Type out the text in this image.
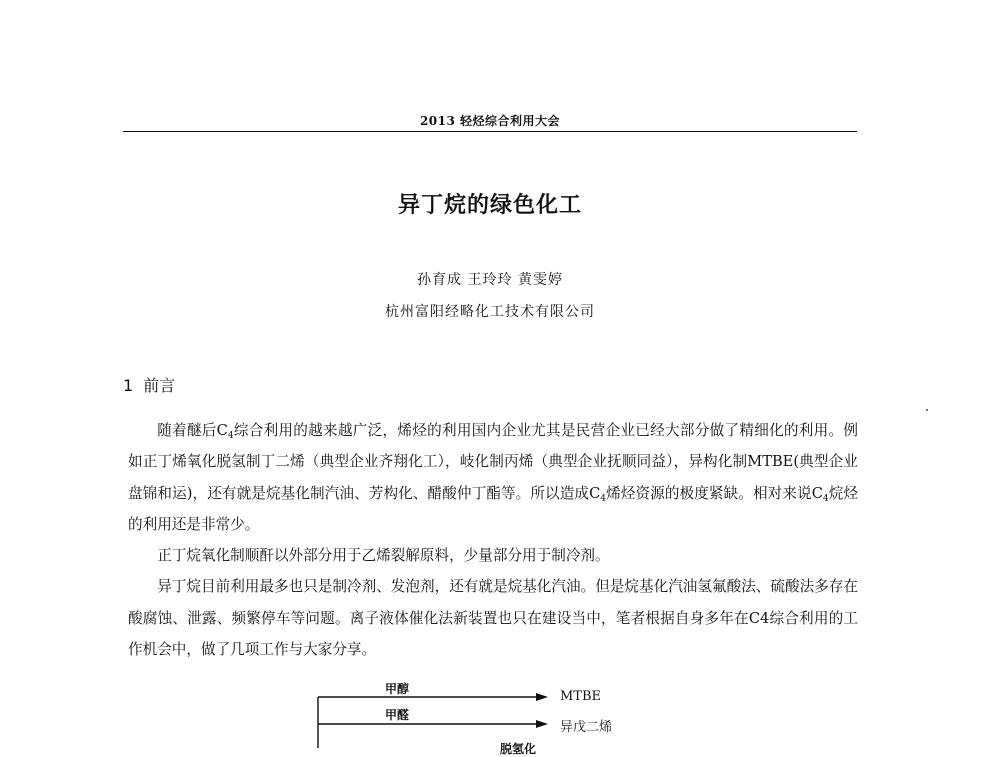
2013 轻烃综合利用大会
异丁烷的绿色化工
孙育成 王玲玲 黄雯婷
杭州富阳经略化工技术有限公司
1 前言

随着醚后$C_4$综合利用的越来越广泛，烯烃的利用国内企业尤其是民营企业已经大部分做了精细化的利用。例如正丁烯氧化脱氢制丁二烯（典型企业齐翔化工），岐化制丙烯（典型企业抚顺同益），异构化制MTBE(典型企业盘锦和运)，还有就是烷基化制汽油、芳构化、醋酸仲丁酯等。所以造成$C_4$烯烃资源的极度紧缺。相对来说$C_4$烷烃的利用还是非常少。

正丁烷氧化制顺酐以外部分用于乙烯裂解原料，少量部分用于制冷剂。

异丁烷目前利用最多也只是制冷剂、发泡剂，还有就是烷基化汽油。但是烷基化汽油氢氟酸法、硫酸法多存在酸腐蚀、泄露、频繁停车等问题。离子液体催化法新装置也只在建设当中，笔者根据自身多年在C4综合利用的工作机会中，做了几项工作与大家分享。

甲醇	MTBE
甲醛
异戊二烯
脱氢化
